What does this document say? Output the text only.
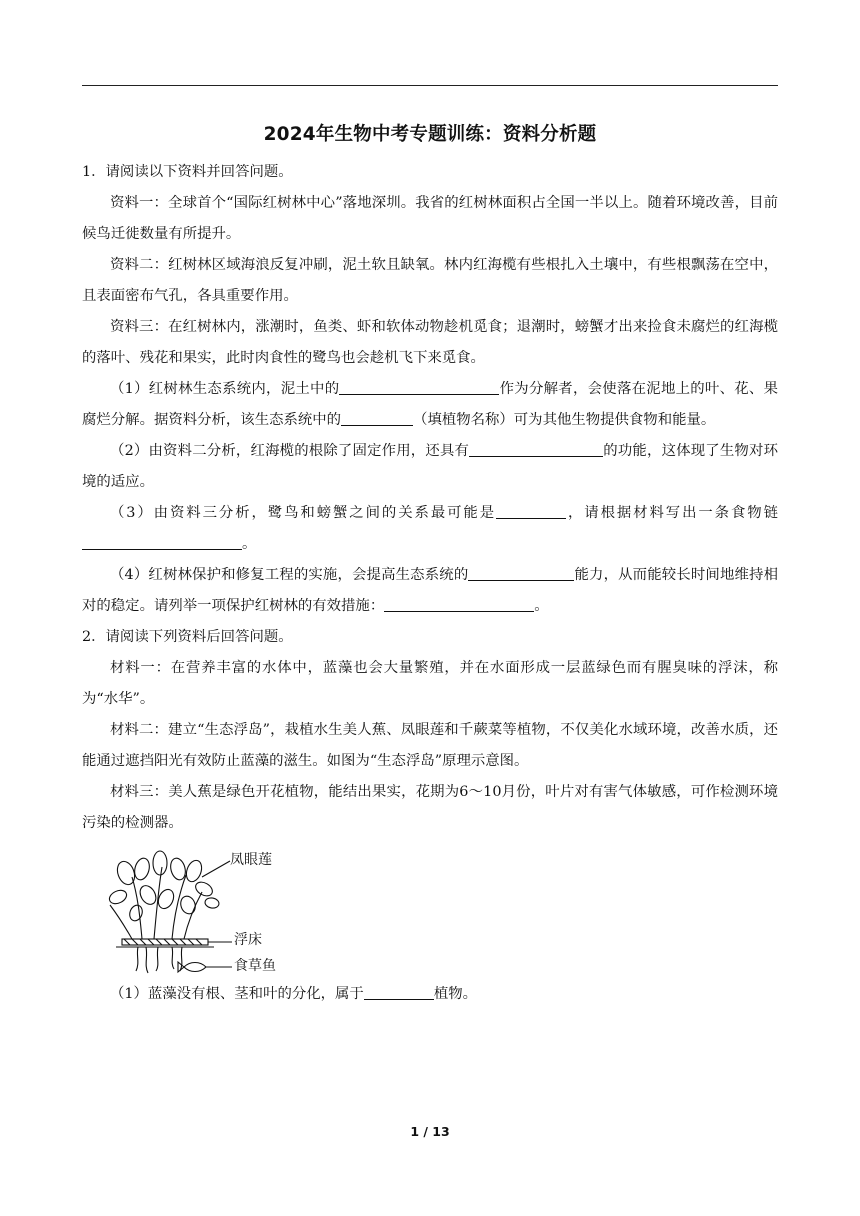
2024年生物中考专题训练：资料分析题

1．请阅读以下资料并回答问题。

资料一：全球首个“国际红树林中心”落地深圳。我省的红树林面积占全国一半以上。随着环境改善，目前候鸟迁徙数量有所提升。

资料二：红树林区域海浪反复冲刷，泥土软且缺氧。林内红海榄有些根扎入土壤中，有些根飘荡在空中，且表面密布气孔，各具重要作用。

资料三：在红树林内，涨潮时，鱼类、虾和软体动物趁机觅食；退潮时，螃蟹才出来捡食未腐烂的红海榄的落叶、残花和果实，此时肉食性的鹭鸟也会趁机飞下来觅食。

（1）红树林生态系统内，泥土中的	作为分解者，会使落在泥地上的叶、花、果腐烂分解。据资料分析，该生态系统中的	（填植物名称）可为其他生物提供食物和能量。

（2）由资料二分析，红海榄的根除了固定作用，还具有	的功能，这体现了生物对环境的适应。

（3）由资料三分析，鹭鸟和螃蟹之间的关系最可能是	，请根据材料写出一条食物链。

（4）红树林保护和修复工程的实施，会提高生态系统的	能力，从而能较长时间地维持相对的稳定。请列举一项保护红树林的有效措施：	。

2．请阅读下列资料后回答问题。

材料一：在营养丰富的水体中，蓝藻也会大量繁殖，并在水面形成一层蓝绿色而有腥臭味的浮沫，称为“水华”。

材料二：建立“生态浮岛”，栽植水生美人蕉、凤眼莲和千蕨菜等植物，不仅美化水域环境，改善水质，还能通过遮挡阳光有效防止蓝藻的滋生。如图为“生态浮岛”原理示意图。

材料三：美人蕉是绿色开花植物，能结出果实，花期为6～10月份，叶片对有害气体敏感，可作检测环境污染的检测器。

凤眼莲
浮床
食草鱼

（1）蓝藻没有根、茎和叶的分化，属于	植物。

1 / 13
